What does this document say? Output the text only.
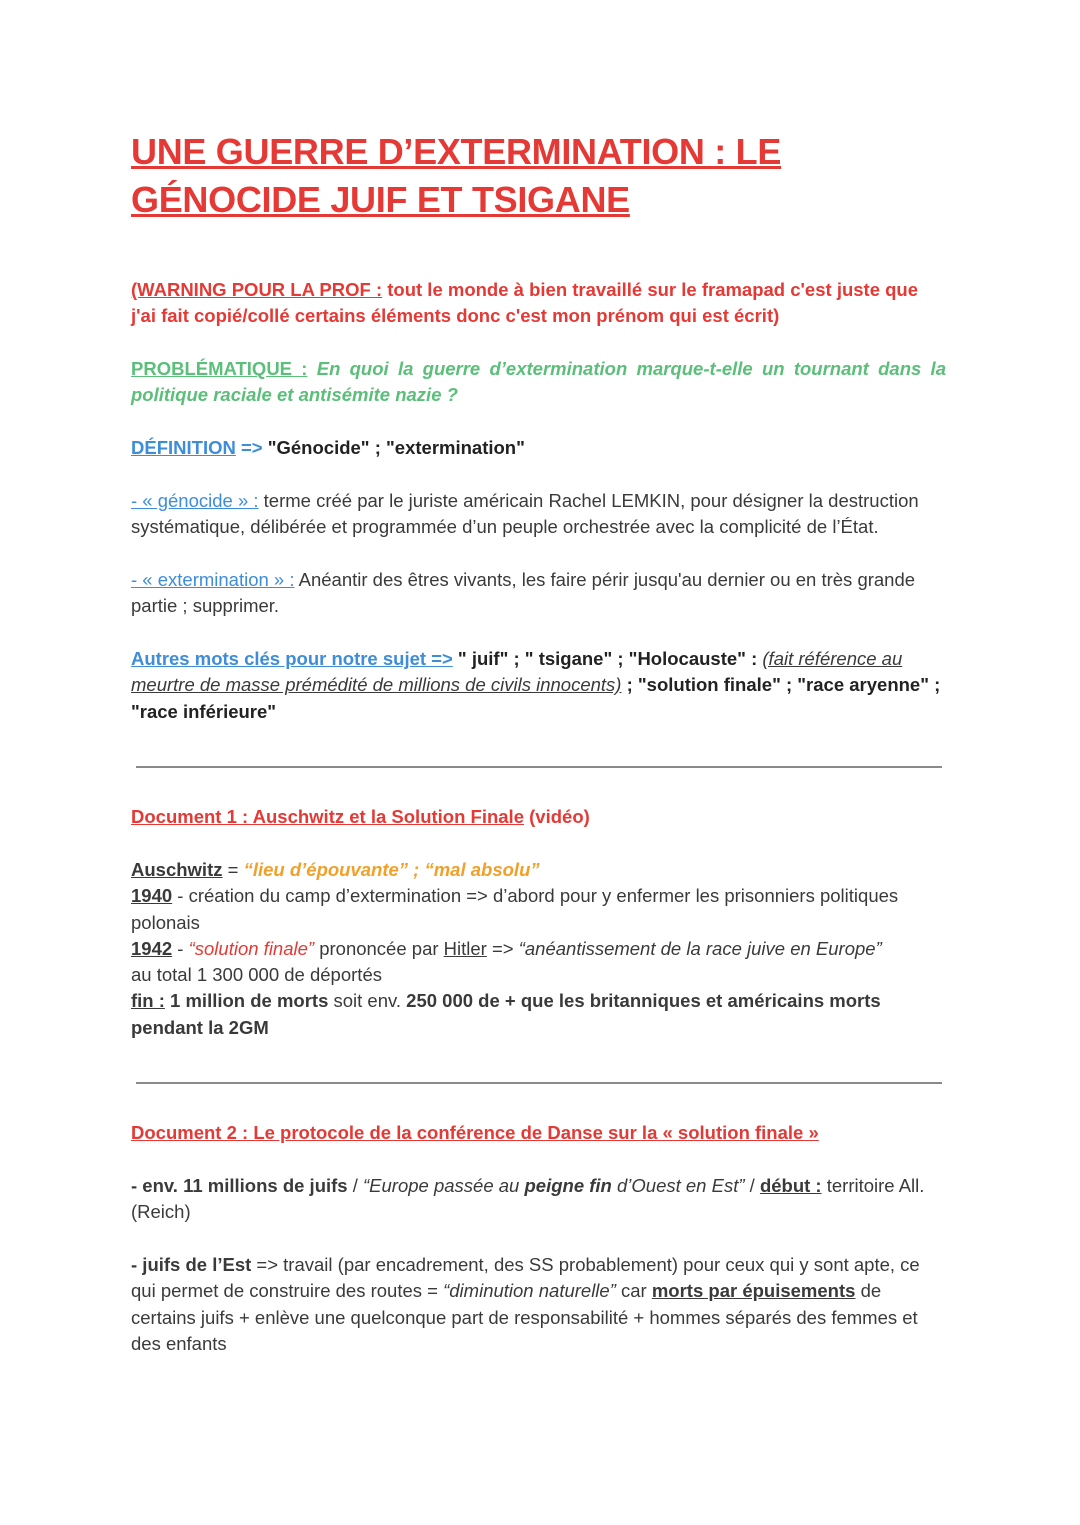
UNE GUERRE D’EXTERMINATION : LE GÉNOCIDE JUIF ET TSIGANE

(WARNING POUR LA PROF : tout le monde à bien travaillé sur le framapad c'est juste que j'ai fait copié/collé certains éléments donc c'est mon prénom qui est écrit)

PROBLÉMATIQUE : En quoi la guerre d’extermination marque-t-elle un tournant dans la politique raciale et antisémite nazie ?

DÉFINITION => "Génocide" ; "extermination"

- « génocide » : terme créé par le juriste américain Rachel LEMKIN, pour désigner la destruction systématique, délibérée et programmée d’un peuple orchestrée avec la complicité de l’État.

- « extermination » : Anéantir des êtres vivants, les faire périr jusqu'au dernier ou en très grande partie ; supprimer.

Autres mots clés pour notre sujet => " juif" ; " tsigane" ; "Holocauste" : (fait référence au meurtre de masse prémédité de millions de civils innocents) ; "solution finale" ; "race aryenne" ; "race inférieure"

Document 1 : Auschwitz et la Solution Finale (vidéo)

Auschwitz = “lieu d’épouvante” ; “mal absolu”

1940 - création du camp d’extermination => d’abord pour y enfermer les prisonniers politiques polonais

1942 - “solution finale” prononcée par Hitler => “anéantissement de la race juive en Europe”

au total 1 300 000 de déportés

fin : 1 million de morts soit env. 250 000 de + que les britanniques et américains morts pendant la 2GM

Document 2 : Le protocole de la conférence de Danse sur la « solution finale »

- env. 11 millions de juifs / “Europe passée au peigne fin d’Ouest en Est” / début : territoire All. (Reich)

- juifs de l’Est => travail (par encadrement, des SS probablement) pour ceux qui y sont apte, ce qui permet de construire des routes = “diminution naturelle” car morts par épuisements de certains juifs + enlève une quelconque part de responsabilité + hommes séparés des femmes et des enfants
